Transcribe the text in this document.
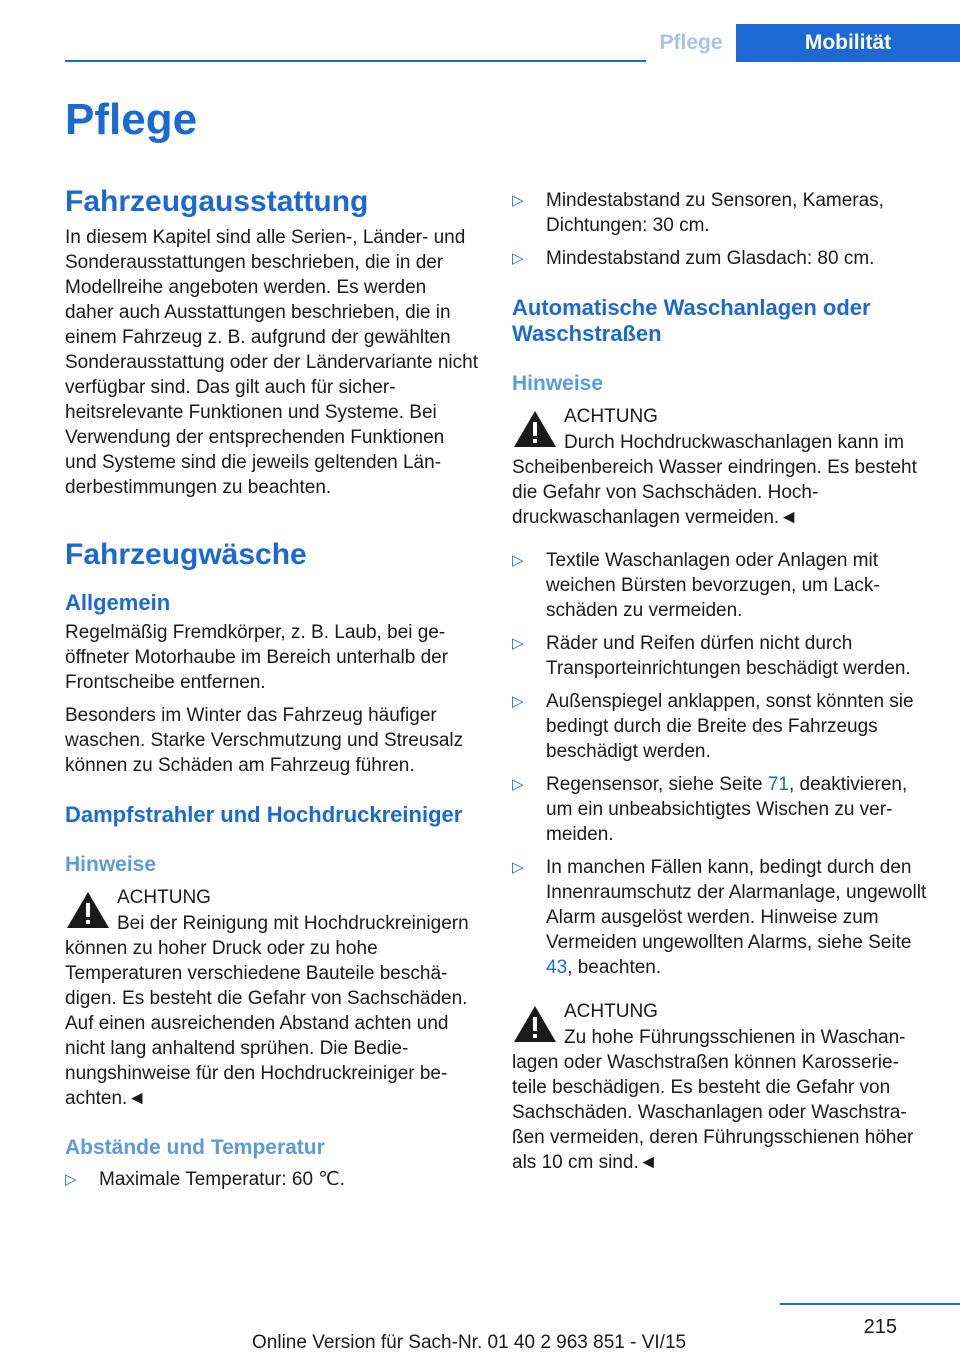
Pflege	Mobilität
Pflege
Fahrzeugausstattung

In diesem Kapitel sind alle Serien-, Länder- und Sonderausstattungen beschrieben, die in der Modellreihe angeboten werden. Es werden daher auch Ausstattungen beschrieben, die in einem Fahrzeug z. B. aufgrund der gewählten Sonderausstattung oder der Ländervariante nicht verfügbar sind. Das gilt auch für sicherheitsrelevante Funktionen und Systeme. Bei Verwendung der entsprechenden Funktionen und Systeme sind die jeweils geltenden Länderbestimmungen zu beachten.

Fahrzeugwäsche
Allgemein

Regelmäßig Fremdkörper, z. B. Laub, bei geöffneter Motorhaube im Bereich unterhalb der Frontscheibe entfernen.

Besonders im Winter das Fahrzeug häufiger waschen. Starke Verschmutzung und Streusalz können zu Schäden am Fahrzeug führen.

Dampfstrahler und Hochdruckreiniger
Hinweise
ACHTUNG
Bei der Reinigung mit Hochdruckreinigern können zu hoher Druck oder zu hohe Temperaturen verschiedene Bauteile beschädigen. Es besteht die Gefahr von Sachschäden. Auf einen ausreichenden Abstand achten und nicht lang anhaltend sprühen. Die Bedienungshinweise für den Hochdruckreiniger beachten.◄
Abstände und Temperatur
▷ Maximale Temperatur: 60 ℃.
▷ Mindestabstand zu Sensoren, Kameras, Dichtungen: 30 cm.
▷ Mindestabstand zum Glasdach: 80 cm.
Automatische Waschanlagen oder Waschstraßen
Hinweise
ACHTUNG
Durch Hochdruckwaschanlagen kann im Scheibenbereich Wasser eindringen. Es besteht die Gefahr von Sachschäden. Hochdruckwaschanlagen vermeiden.◄
▷ Textile Waschanlagen oder Anlagen mit weichen Bürsten bevorzugen, um Lackschäden zu vermeiden.
▷ Räder und Reifen dürfen nicht durch Transporteinrichtungen beschädigt werden.
▷ Außenspiegel anklappen, sonst könnten sie bedingt durch die Breite des Fahrzeugs beschädigt werden.
▷ Regensensor, siehe Seite 71, deaktivieren, um ein unbeabsichtigtes Wischen zu vermeiden.
▷ In manchen Fällen kann, bedingt durch den Innenraumschutz der Alarmanlage, ungewollt Alarm ausgelöst werden. Hinweise zum Vermeiden ungewollten Alarms, siehe Seite 43, beachten.
ACHTUNG
Zu hohe Führungsschienen in Waschanlagen oder Waschstraßen können Karosserieteile beschädigen. Es besteht die Gefahr von Sachschäden. Waschanlagen oder Waschstraßen vermeiden, deren Führungsschienen höher als 10 cm sind.◄
215
Online Version für Sach-Nr. 01 40 2 963 851 - VI/15
